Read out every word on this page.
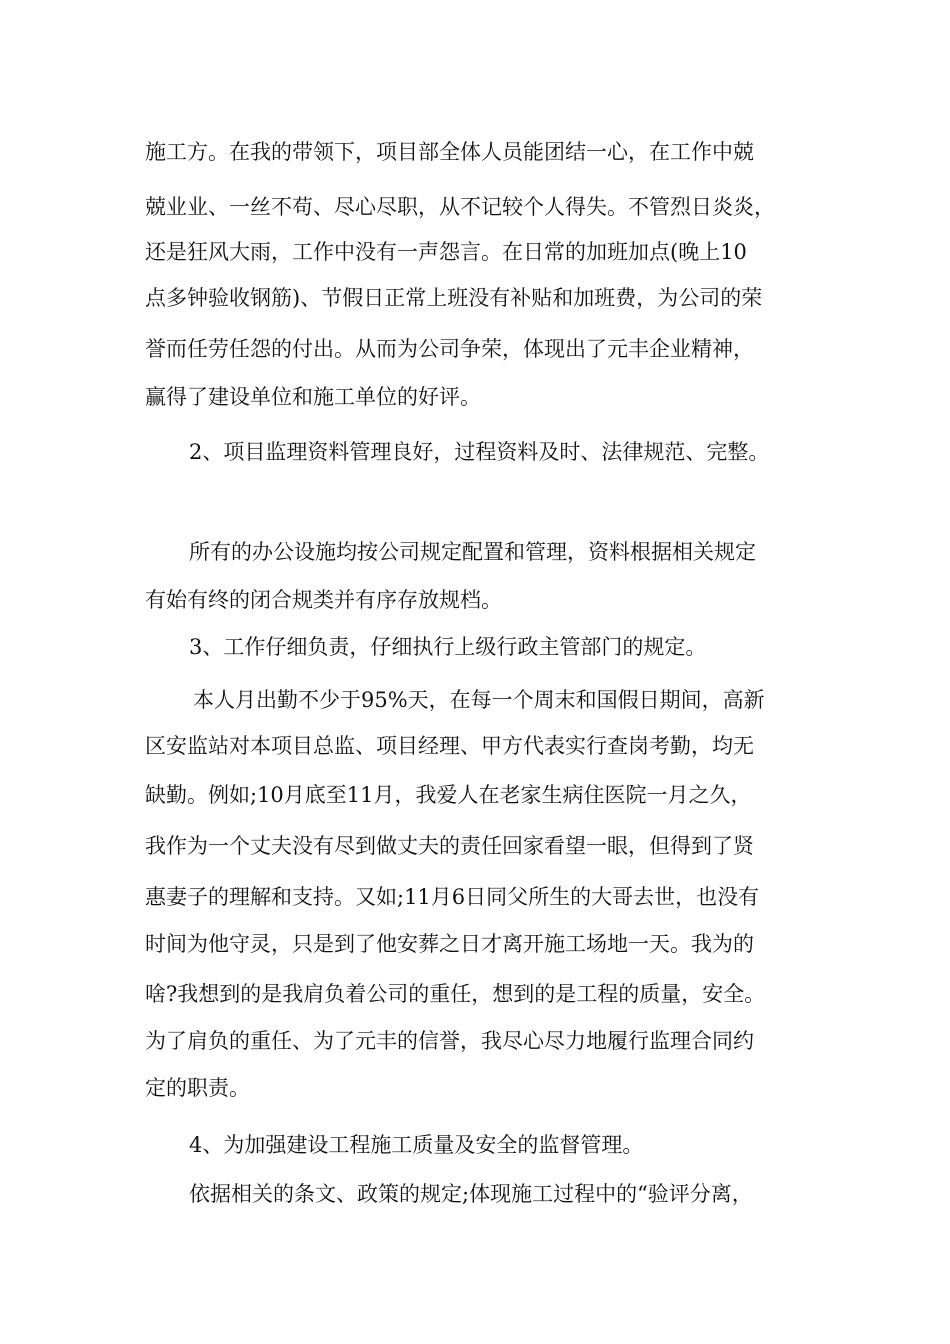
施工方。在我的带领下，项目部全体人员能团结一心，在工作中兢
兢业业、一丝不苟、尽心尽职，从不记较个人得失。不管烈日炎炎，
还是狂风大雨，工作中没有一声怨言。在日常的加班加点(晚上10
点多钟验收钢筋)、节假日正常上班没有补贴和加班费，为公司的荣
誉而任劳任怨的付出。从而为公司争荣，体现出了元丰企业精神，
赢得了建设单位和施工单位的好评。
2、项目监理资料管理良好，过程资料及时、法律规范、完整。
所有的办公设施均按公司规定配置和管理，资料根据相关规定
有始有终的闭合规类并有序存放规档。
3、工作仔细负责，仔细执行上级行政主管部门的规定。
本人月出勤不少于95%天，在每一个周末和国假日期间，高新
区安监站对本项目总监、项目经理、甲方代表实行查岗考勤，均无
缺勤。例如;10月底至11月，我爱人在老家生病住医院一月之久，
我作为一个丈夫没有尽到做丈夫的责任回家看望一眼，但得到了贤
惠妻子的理解和支持。又如;11月6日同父所生的大哥去世，也没有
时间为他守灵，只是到了他安葬之日才离开施工场地一天。我为的
啥?我想到的是我肩负着公司的重任，想到的是工程的质量，安全。
为了肩负的重任、为了元丰的信誉，我尽心尽力地履行监理合同约
定的职责。
4、为加强建设工程施工质量及安全的监督管理。
依据相关的条文、政策的规定;体现施工过程中的“验评分离，
